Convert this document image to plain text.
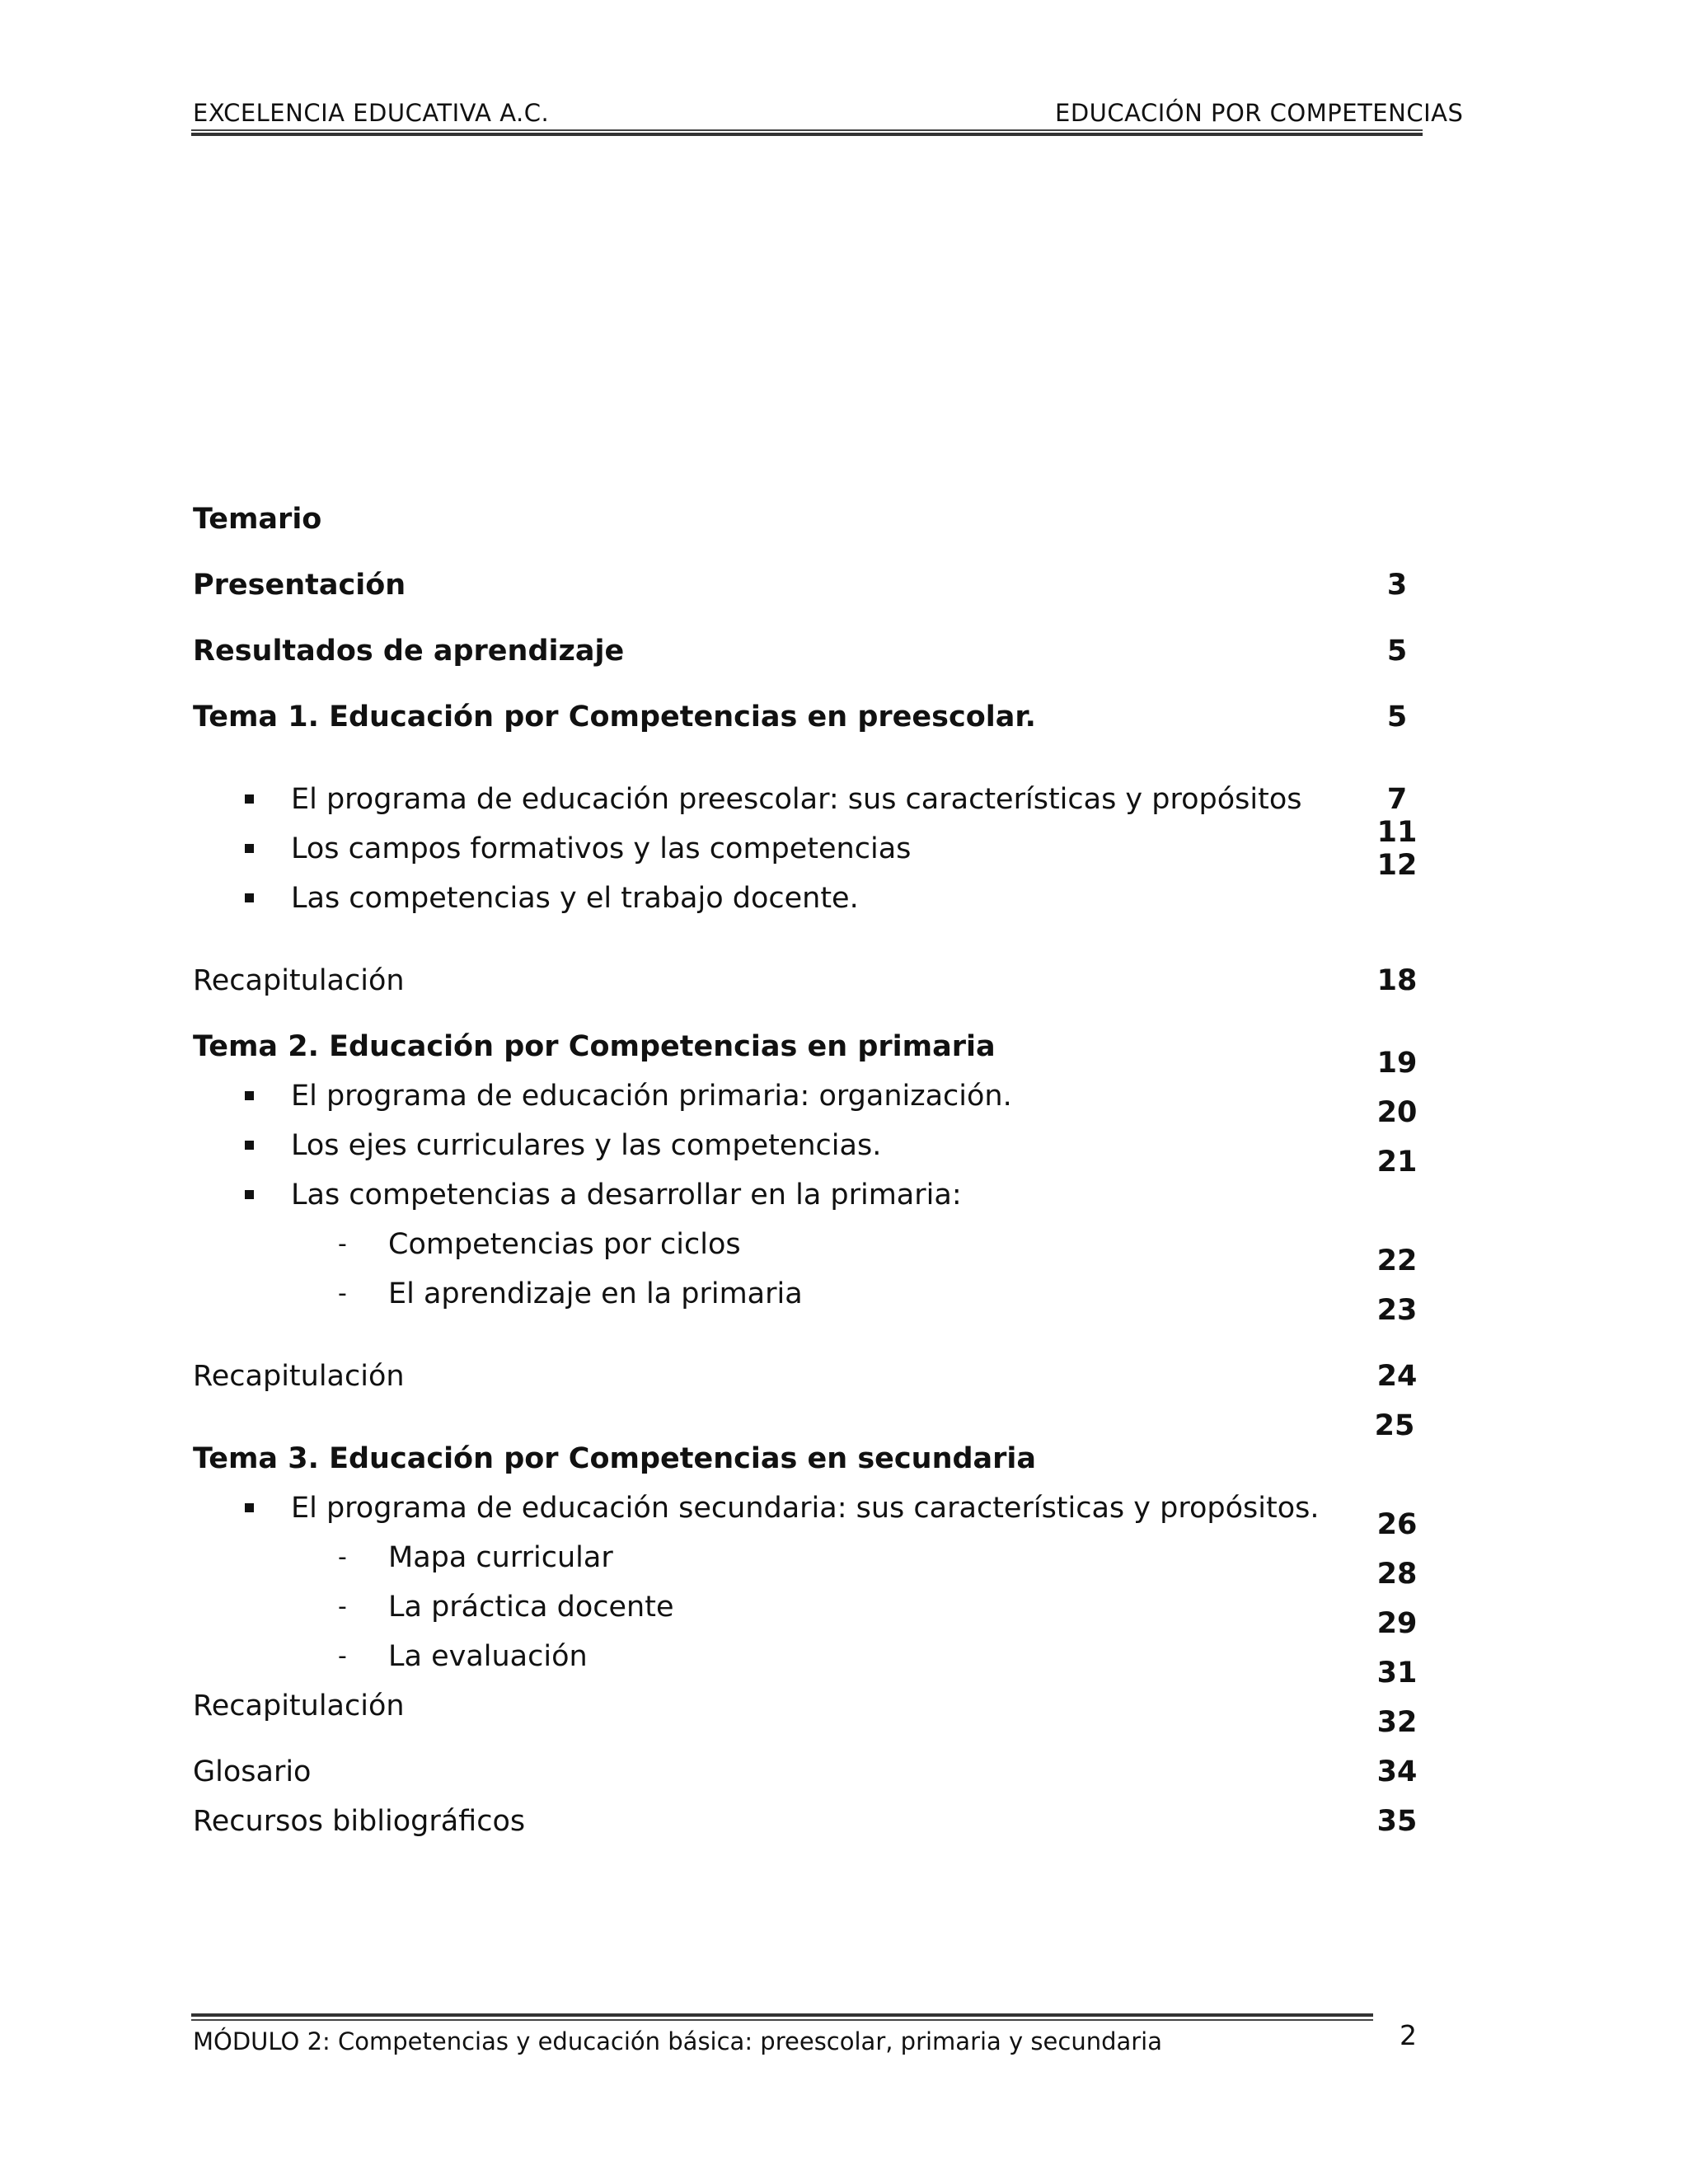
EXCELENCIA EDUCATIVA A.C.	EDUCACIÓN POR COMPETENCIAS
Temario
Presentación
Resultados de aprendizaje
Tema 1. Educación por Competencias en preescolar.
El programa de educación preescolar: sus características y propósitos
Los campos formativos y las competencias
Las competencias y el trabajo docente.
Recapitulación
Tema 2. Educación por Competencias en primaria
El programa de educación primaria: organización.
Los ejes curriculares y las competencias.
Las competencias a desarrollar en la primaria:
- Competencias por ciclos
- El aprendizaje en la primaria
Recapitulación
Tema 3. Educación por Competencias en secundaria
El programa de educación secundaria: sus características y propósitos.
- Mapa curricular
- La práctica docente
- La evaluación
Recapitulación
Glosario
Recursos bibliográficos
3
5
5
7
11
12
18
19
20
21
22
23
24
25
26
28
29
31
32
34
35
MÓDULO 2: Competencias y educación básica: preescolar, primaria y secundaria	2
